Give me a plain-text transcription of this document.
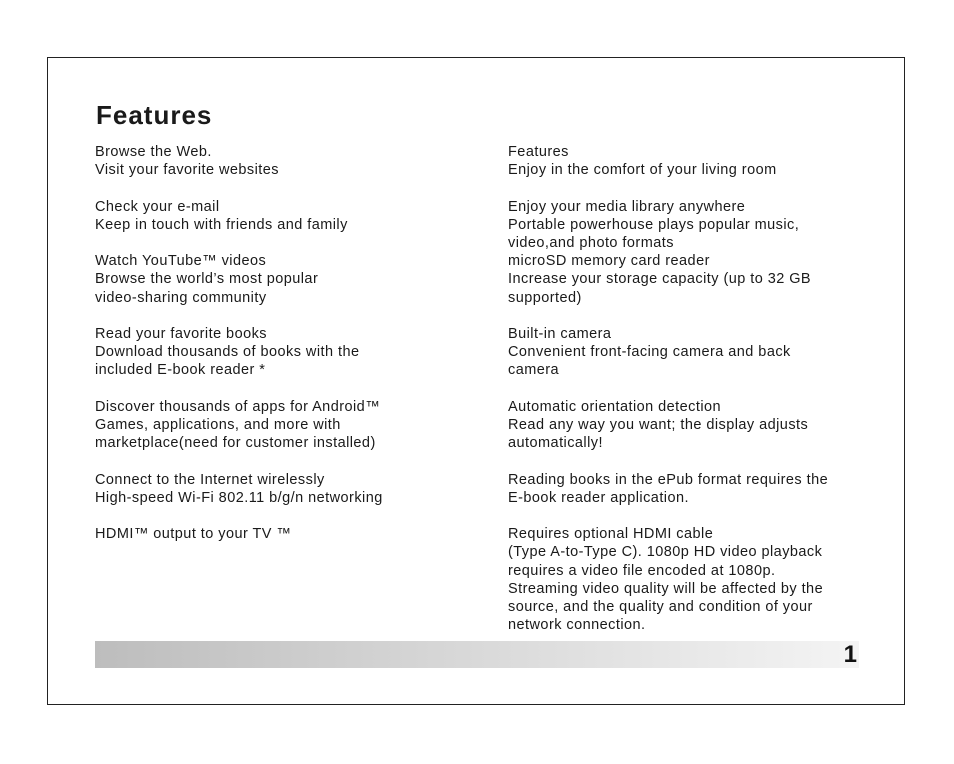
Features
Browse the Web.
Visit your favorite websites
Check your e-mail
Keep in touch with friends and family
Watch YouTube™ videos
Browse the world’s most popular
video-sharing community
Read your favorite books
Download thousands of books with the
included E-book reader *
Discover thousands of apps for Android™
Games, applications, and more with
marketplace(need for customer installed)
Connect to the Internet wirelessly
High-speed Wi-Fi 802.11 b/g/n networking
HDMI™ output to your TV ™
Features
Enjoy in the comfort of your living room
Enjoy your media library anywhere
Portable powerhouse plays popular music,
video,and photo formats
microSD memory card reader
Increase your storage capacity (up to 32 GB
supported)
Built-in camera
Convenient front-facing camera and back
camera
Automatic orientation detection
Read any way you want; the display adjusts
automatically!
Reading books in the ePub format requires the
E-book reader application.
Requires optional HDMI cable
(Type A-to-Type C). 1080p HD video playback
requires a video file encoded at 1080p.
Streaming video quality will be affected by the
source, and the quality and condition of your
network connection.
1
